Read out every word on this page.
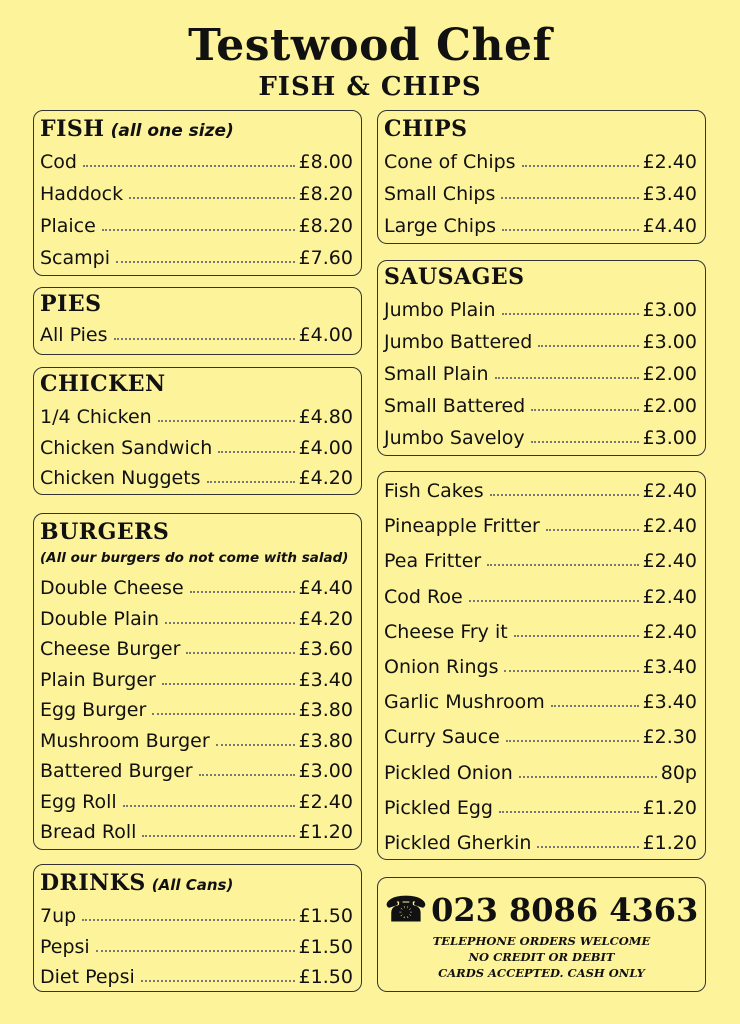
Testwood Chef
FISH & CHIPS
FISH (all one size)
Cod	£8.00
Haddock	£8.20
Plaice	£8.20
Scampi	£7.60
PIES
All Pies	£4.00
CHICKEN
1/4 Chicken	£4.80
Chicken Sandwich	£4.00
Chicken Nuggets	£4.20
BURGERS
(All our burgers do not come with salad)
Double Cheese	£4.40
Double Plain	£4.20
Cheese Burger	£3.60
Plain Burger	£3.40
Egg Burger	£3.80
Mushroom Burger	£3.80
Battered Burger	£3.00
Egg Roll	£2.40
Bread Roll	£1.20
DRINKS (All Cans)
7up	£1.50
Pepsi	£1.50
Diet Pepsi	£1.50
CHIPS
Cone of Chips	£2.40
Small Chips	£3.40
Large Chips	£4.40
SAUSAGES
Jumbo Plain	£3.00
Jumbo Battered	£3.00
Small Plain	£2.00
Small Battered	£2.00
Jumbo Saveloy	£3.00
Fish Cakes	£2.40
Pineapple Fritter	£2.40
Pea Fritter	£2.40
Cod Roe	£2.40
Cheese Fry it	£2.40
Onion Rings	£3.40
Garlic Mushroom	£3.40
Curry Sauce	£2.30
Pickled Onion	80p
Pickled Egg	£1.20
Pickled Gherkin	£1.20
☎ 023 8086 4363
TELEPHONE ORDERS WELCOME
NO CREDIT OR DEBIT
CARDS ACCEPTED. CASH ONLY
